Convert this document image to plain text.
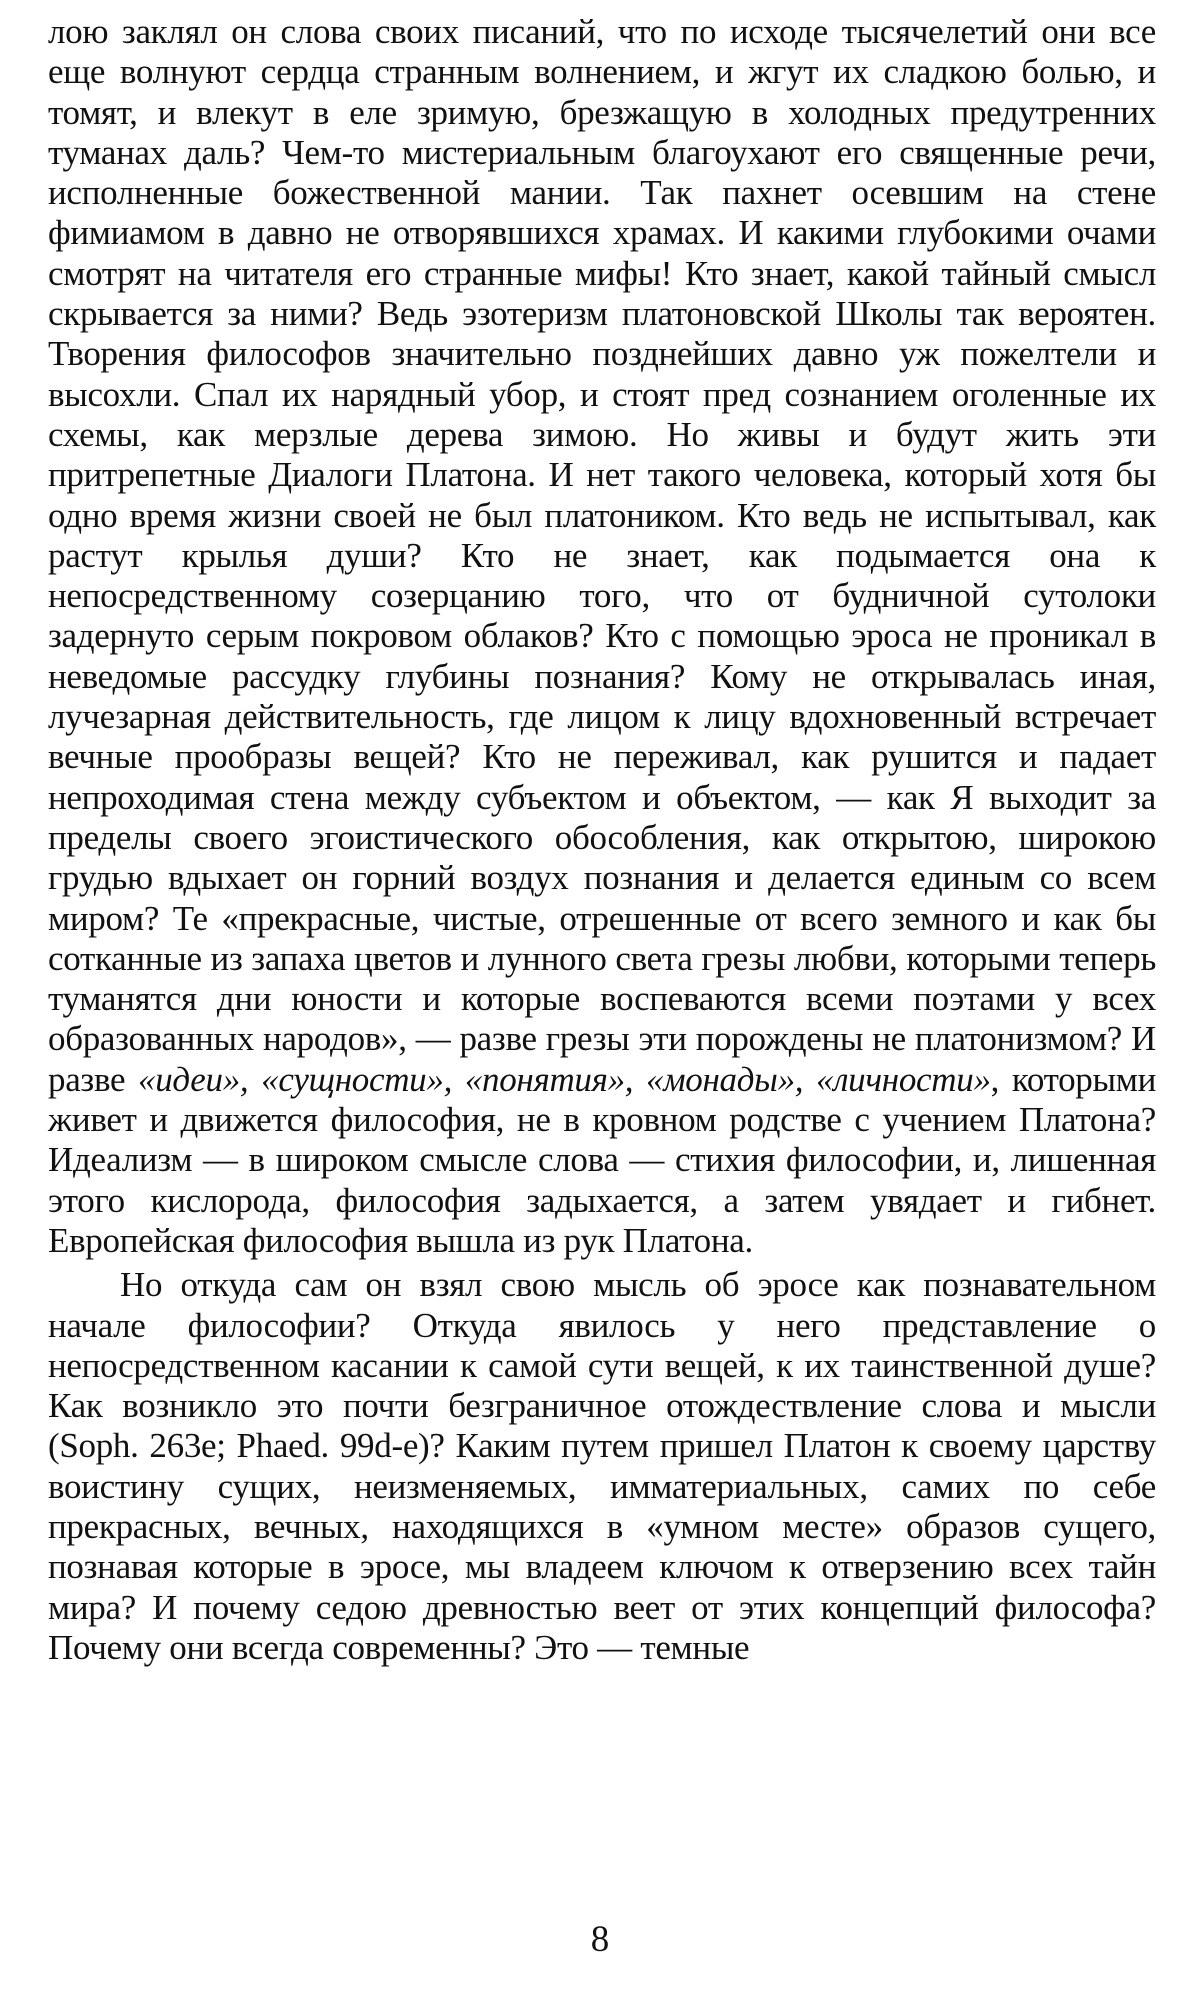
лою заклял он слова своих писаний, что по исходе тысячелетий они все еще волнуют сердца странным волнением, и жгут их сладкою болью, и томят, и влекут в еле зримую, брезжащую в холодных предутренних туманах даль? Чем-то мистериальным благоухают его священные речи, исполненные божественной мании. Так пахнет осевшим на стене фимиамом в давно не отворявшихся храмах. И какими глубокими очами смотрят на читателя его странные мифы! Кто знает, какой тайный смысл скрывается за ними? Ведь эзотеризм платоновской Школы так вероятен. Творения философов значительно позднейших давно уж пожелтели и высохли. Спал их нарядный убор, и стоят пред сознанием оголенные их схемы, как мерзлые дерева зимою. Но живы и будут жить эти притрепетные Диалоги Платона. И нет такого человека, который хотя бы одно время жизни своей не был платоником. Кто ведь не испытывал, как растут крылья души? Кто не знает, как подымается она к непосредственному созерцанию того, что от будничной сутолоки задернуто серым покровом облаков? Кто с помощью эроса не проникал в неведомые рассудку глубины познания? Кому не открывалась иная, лучезарная действительность, где лицом к лицу вдохновенный встречает вечные прообразы вещей? Кто не переживал, как рушится и падает непроходимая стена между субъектом и объектом, — как Я выходит за пределы своего эгоистического обособления, как открытою, широкою грудью вдыхает он горний воздух познания и делается единым со всем миром? Те «прекрасные, чистые, отрешенные от всего земного и как бы сотканные из запаха цветов и лунного света грезы любви, которыми теперь туманятся дни юности и которые воспеваются всеми поэтами у всех образованных народов», — разве грезы эти порождены не платонизмом? И разве «идеи», «сущности», «понятия», «монады», «личности», которыми живет и движется философия, не в кровном родстве с учением Платона? Идеализм — в широком смысле слова — стихия философии, и, лишенная этого кислорода, философия задыхается, а затем увядает и гибнет. Европейская философия вышла из рук Платона.

Но откуда сам он взял свою мысль об эросе как познавательном начале философии? Откуда явилось у него представление о непосредственном касании к самой сути вещей, к их таинственной душе? Как возникло это почти безграничное отождествление слова и мысли (Soph. 263е; Phaed. 99d-e)? Каким путем пришел Платон к своему царству воистину сущих, неизменяемых, имматериальных, самих по себе прекрасных, вечных, находящихся в «умном месте» образов сущего, познавая которые в эросе, мы владеем ключом к отверзению всех тайн мира? И почему седою древностью веет от этих концепций философа? Почему они всегда современны? Это — темные

8
